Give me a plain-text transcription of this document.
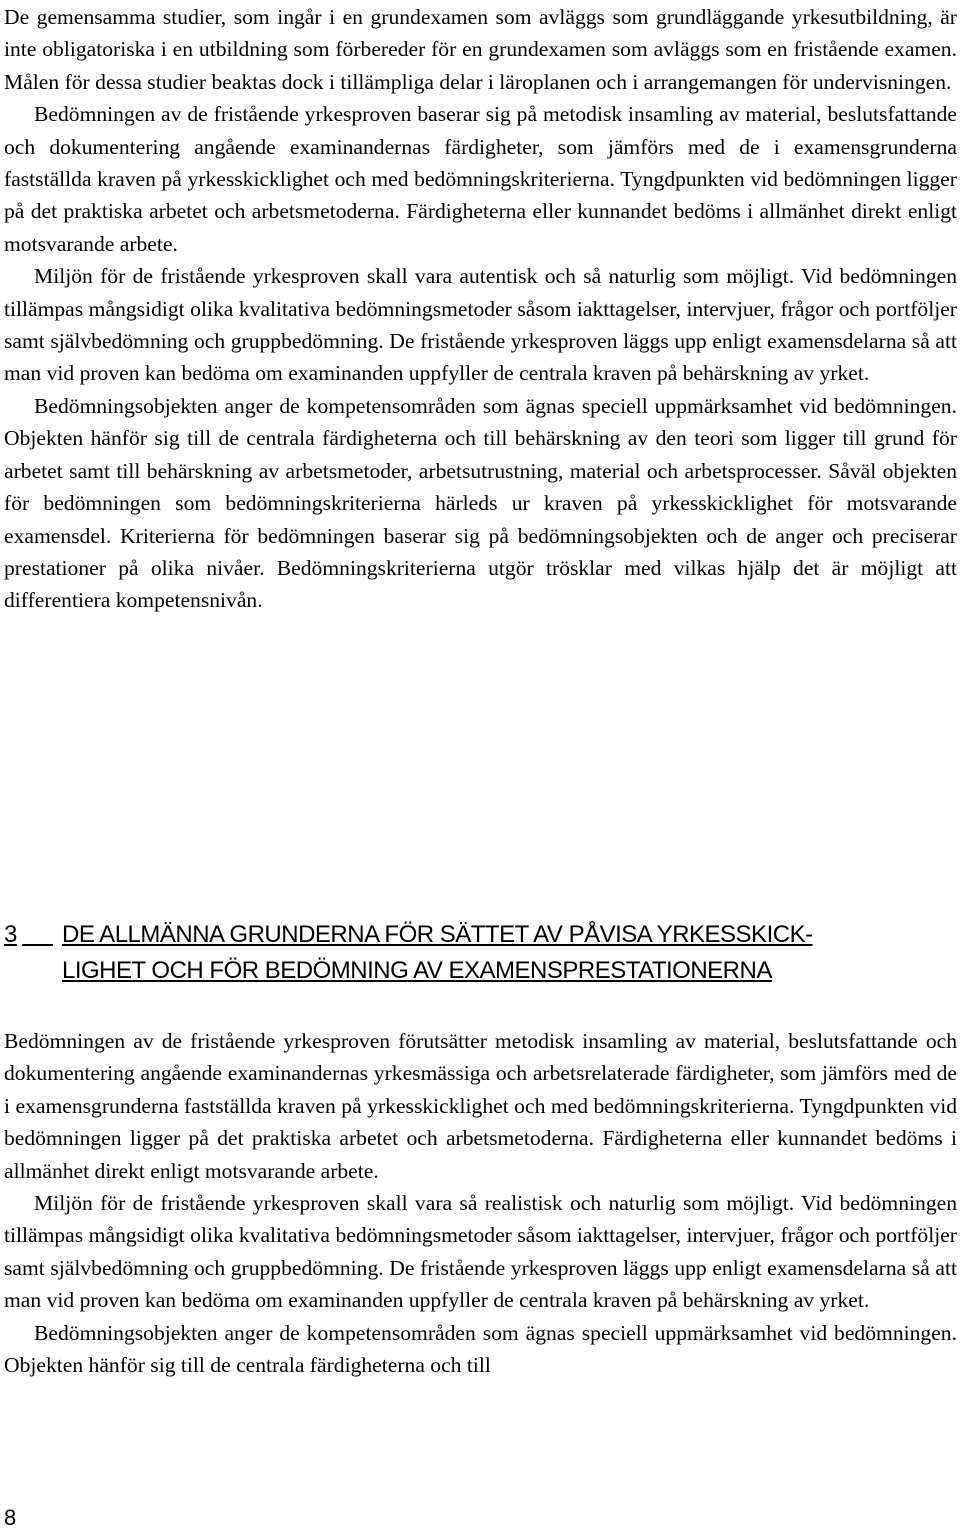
De gemensamma studier, som ingår i en grundexamen som avläggs som grundläggande yrkesutbildning, är inte obligatoriska i en utbildning som förbereder för en grundexamen som avläggs som en fristående examen. Målen för dessa studier beaktas dock i tillämpliga delar i läroplanen och i arrangemangen för undervisningen.

Bedömningen av de fristående yrkesproven baserar sig på metodisk insamling av material, beslutsfattande och dokumentering angående examinandernas färdigheter, som jämförs med de i examensgrunderna fastställda kraven på yrkesskicklighet och med bedömningskriterierna. Tyngdpunkten vid bedömningen ligger på det praktiska arbetet och arbetsmetoderna. Färdigheterna eller kunnandet bedöms i allmänhet direkt enligt motsvarande arbete.

Miljön för de fristående yrkesproven skall vara autentisk och så naturlig som möjligt. Vid bedömningen tillämpas mångsidigt olika kvalitativa bedömningsmetoder såsom iakttagelser, intervjuer, frågor och portföljer samt självbedömning och gruppbedömning. De fristående yrkesproven läggs upp enligt examensdelarna så att man vid proven kan bedöma om examinanden uppfyller de centrala kraven på behärskning av yrket.

Bedömningsobjekten anger de kompetensområden som ägnas speciell uppmärksamhet vid bedömningen. Objekten hänför sig till de centrala färdigheterna och till behärskning av den teori som ligger till grund för arbetet samt till behärskning av arbetsmetoder, arbetsutrustning, material och arbetsprocesser. Såväl objekten för bedömningen som bedömningskriterierna härleds ur kraven på yrkesskicklighet för motsvarande examensdel. Kriterierna för bedömningen baserar sig på bedömningsobjekten och de anger och preciserar prestationer på olika nivåer. Bedömningskriterierna utgör trösklar med vilkas hjälp det är möjligt att differentiera kompetensnivån.

3
DE ALLMÄNNA GRUNDERNA FÖR SÄTTET AV PÅVISA YRKESSKICK-
LIGHET OCH FÖR BEDÖMNING AV EXAMENSPRESTATIONERNA

Bedömningen av de fristående yrkesproven förutsätter metodisk insamling av material, beslutsfattande och dokumentering angående examinandernas yrkesmässiga och arbetsrelaterade färdigheter, som jämförs med de i examensgrunderna fastställda kraven på yrkesskicklighet och med bedömningskriterierna. Tyngdpunkten vid bedömningen ligger på det praktiska arbetet och arbetsmetoderna. Färdigheterna eller kunnandet bedöms i allmänhet direkt enligt motsvarande arbete.

Miljön för de fristående yrkesproven skall vara så realistisk och naturlig som möjligt. Vid bedömningen tillämpas mångsidigt olika kvalitativa bedömningsmetoder såsom iakttagelser, intervjuer, frågor och portföljer samt självbedömning och gruppbedömning. De fristående yrkesproven läggs upp enligt examensdelarna så att man vid proven kan bedöma om examinanden uppfyller de centrala kraven på behärskning av yrket.

Bedömningsobjekten anger de kompetensområden som ägnas speciell uppmärksamhet vid bedömningen. Objekten hänför sig till de centrala färdigheterna och till

8
